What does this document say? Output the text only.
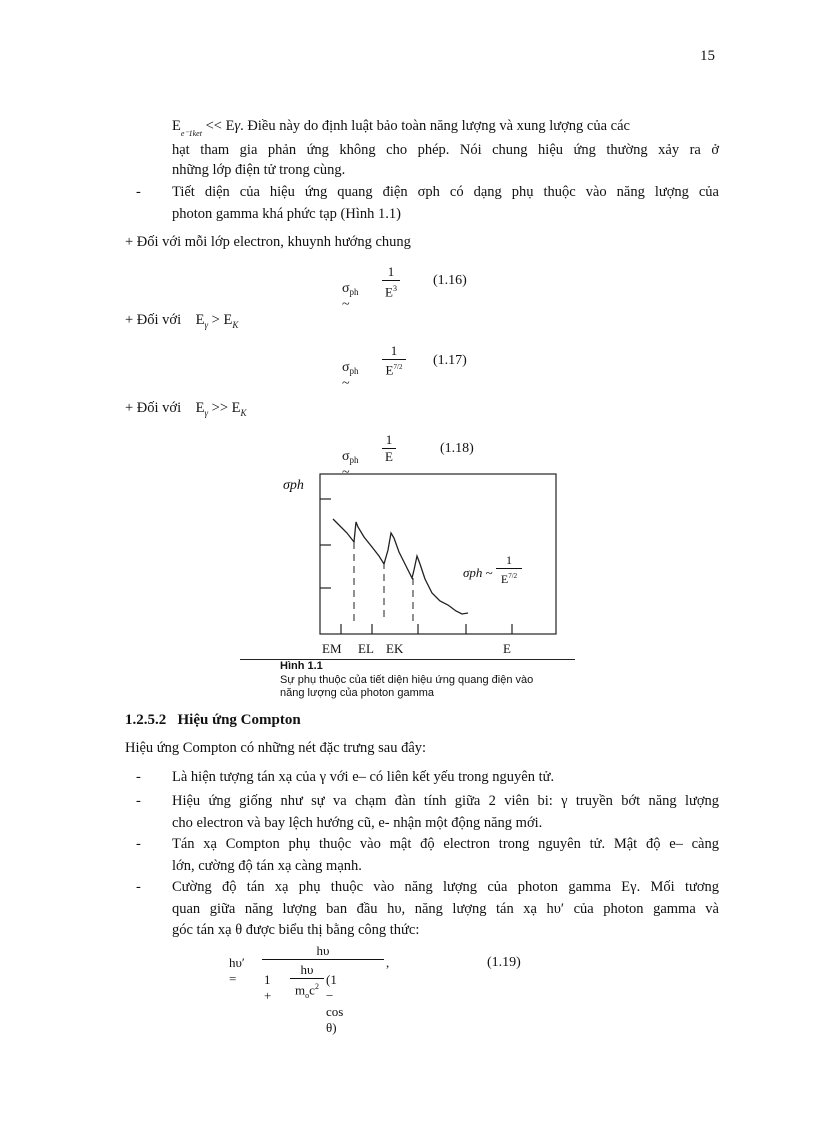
15
$E_{e^-1ket} << E\gamma$. Điều này do định luật bảo toàn năng lượng và xung lượng của các
hạt tham gia phản ứng không cho phép. Nói chung hiệu ứng thường xảy ra ở
những lớp điện tử trong cùng.
- Tiết diện của hiệu ứng quang điện σph có dạng phụ thuộc vào năng lượng của
photon gamma khá phức tạp (Hình 1.1)
+ Đối với mỗi lớp electron, khuynh hướng chung
$\sigma_{ph}$ ~
$\frac{1}{E^3} (1.16)$
+ Đối với $E_\gamma > E_K$
$\sigma_{ph}$ ~
$\frac{1}{E^{7/2}} (1.17)$
+ Đối với $E_\gamma >> E_K$
$\sigma_{ph}$ ~
$\frac{1}{E}$	(1.18)
σph
σph ~ $\frac{1}{E^{7/2}}$
EM EL EK	E
Hình 1.1
Sự phụ thuộc của tiết diện hiệu ứng quang điện vào
năng lượng của photon gamma
1.2.5.2 Hiệu ứng Compton
Hiệu ứng Compton có những nét đặc trưng sau đây:
- Là hiện tượng tán xạ của γ với e– có liên kết yếu trong nguyên tử.
- Hiệu ứng giống như sự va chạm đàn tính giữa 2 viên bi: γ truyền bớt năng lượng
cho electron và bay lệch hướng cũ, e- nhận một động năng mới.
- Tán xạ Compton phụ thuộc vào mật độ electron trong nguyên tử. Mật độ e– càng
lớn, cường độ tán xạ càng mạnh.
- Cường độ tán xạ phụ thuộc vào năng lượng của photon gamma Eγ. Mối tương
quan giữa năng lượng ban đầu hυ, năng lượng tán xạ hυ′ của photon gamma và
góc tán xạ θ được biểu thị bằng công thức:
hυ′ =
hυ
1 +
hυ
$m_oc^2$ (1 − cos θ)
,	(1.19)
